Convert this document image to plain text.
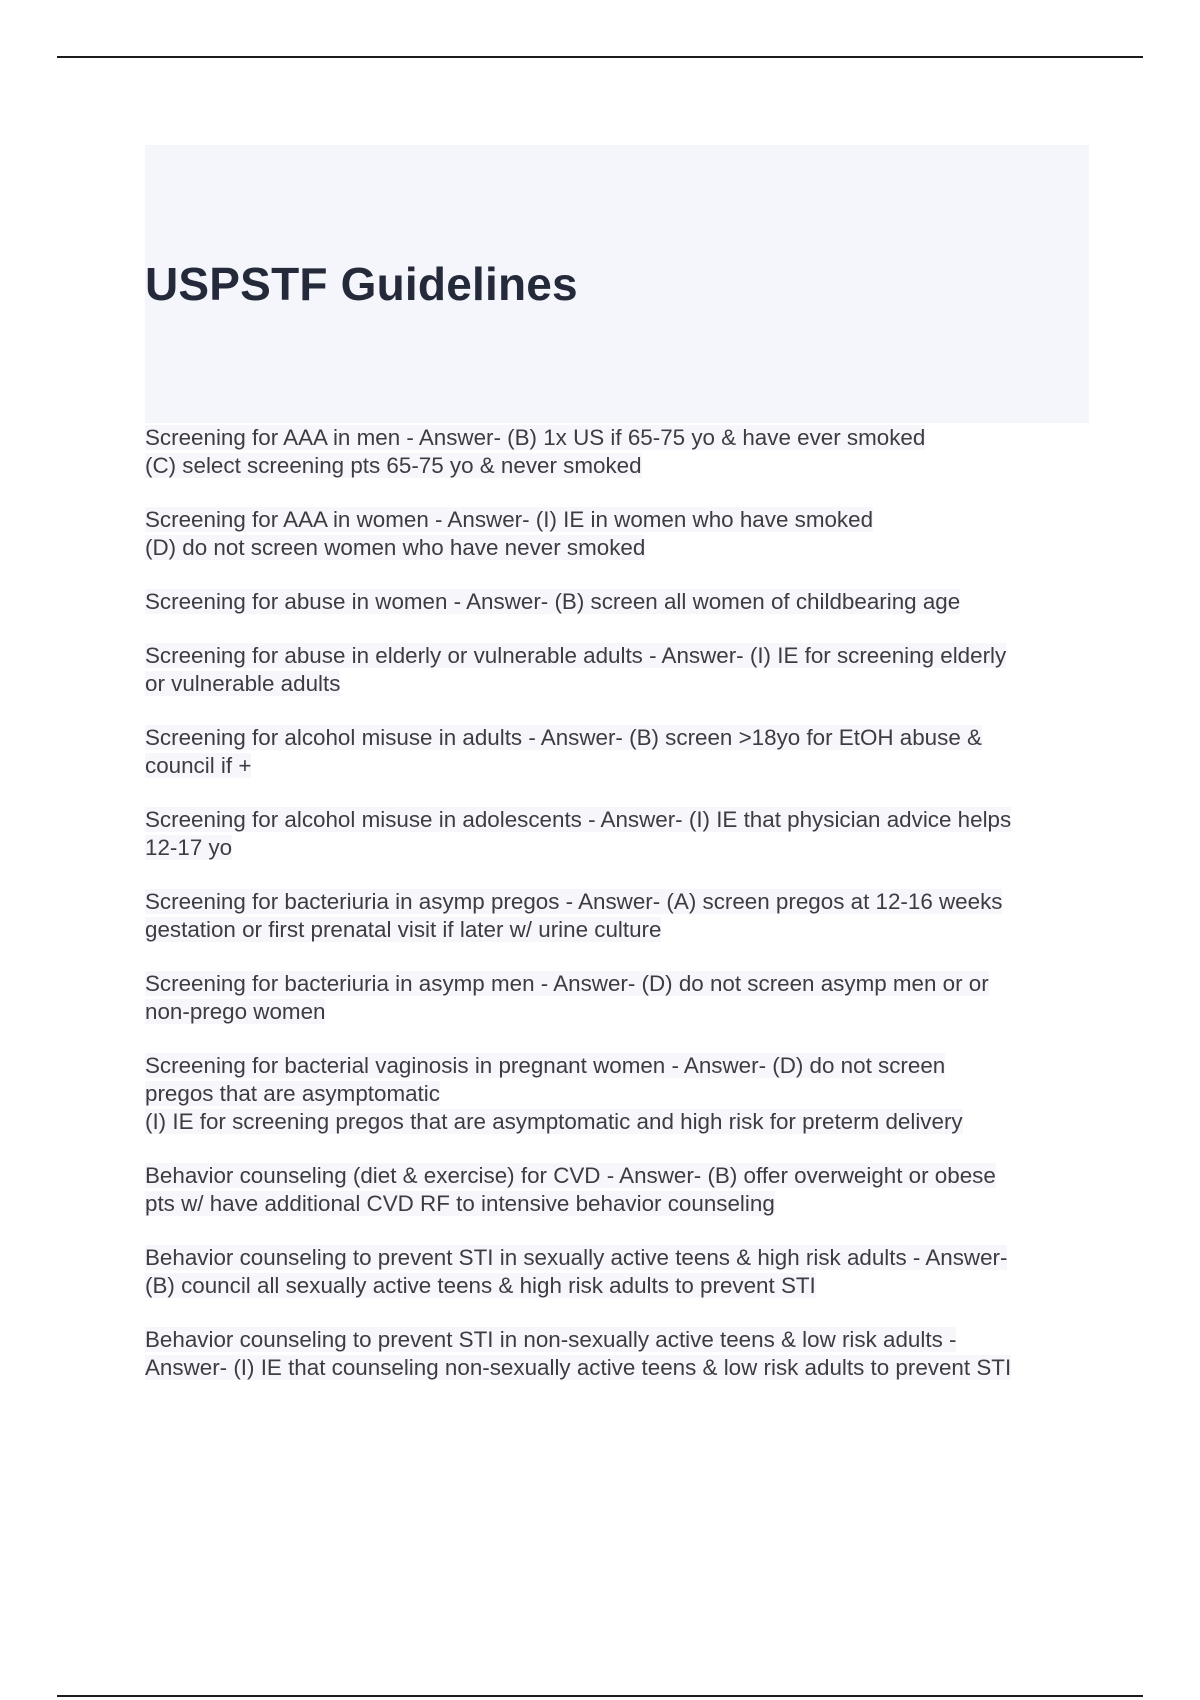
USPSTF Guidelines

Screening for AAA in men - Answer- (B) 1x US if 65-75 yo & have ever smoked
(C) select screening pts 65-75 yo & never smoked

Screening for AAA in women - Answer- (I) IE in women who have smoked
(D) do not screen women who have never smoked

Screening for abuse in women - Answer- (B) screen all women of childbearing age

Screening for abuse in elderly or vulnerable adults - Answer- (I) IE for screening elderly
or vulnerable adults

Screening for alcohol misuse in adults - Answer- (B) screen >18yo for EtOH abuse &
council if +

Screening for alcohol misuse in adolescents - Answer- (I) IE that physician advice helps
12-17 yo

Screening for bacteriuria in asymp pregos - Answer- (A) screen pregos at 12-16 weeks
gestation or first prenatal visit if later w/ urine culture

Screening for bacteriuria in asymp men - Answer- (D) do not screen asymp men or or
non-prego women

Screening for bacterial vaginosis in pregnant women - Answer- (D) do not screen
pregos that are asymptomatic
(I) IE for screening pregos that are asymptomatic and high risk for preterm delivery

Behavior counseling (diet & exercise) for CVD - Answer- (B) offer overweight or obese
pts w/ have additional CVD RF to intensive behavior counseling

Behavior counseling to prevent STI in sexually active teens & high risk adults - Answer-
(B) council all sexually active teens & high risk adults to prevent STI

Behavior counseling to prevent STI in non-sexually active teens & low risk adults -
Answer- (I) IE that counseling non-sexually active teens & low risk adults to prevent STI
